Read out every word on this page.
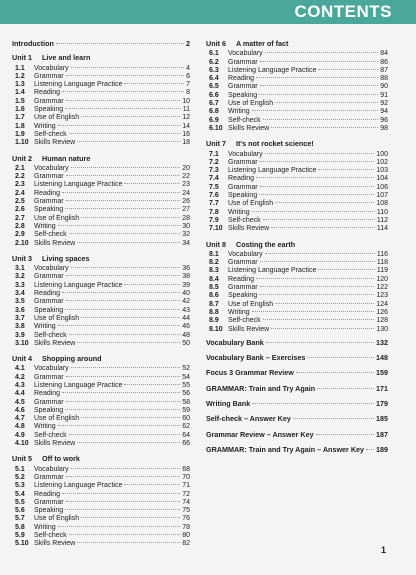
CONTENTS
Introduction	2
Unit 1	Live and learn
1.1	Vocabulary	4
1.2	Grammar	6
1.3	Listening Language Practice	7
1.4	Reading	8
1.5	Grammar	10
1.6	Speaking	11
1.7	Use of English	12
1.8	Writing	14
1.9	Self-check	16
1.10 Skills Review	18
Unit 2	Human nature
2.1	Vocabulary	20
2.2	Grammar	22
2.3	Listening Language Practice	23
2.4	Reading	24
2.5	Grammar	26
2.6	Speaking	27
2.7	Use of English	28
2.8	Writing	30
2.9	Self-check	32
2.10 Skills Review	34
Unit 3	Living spaces
3.1	Vocabulary	36
3.2	Grammar	38
3.3	Listening Language Practice	39
3.4	Reading	40
3.5	Grammar	42
3.6	Speaking	43
3.7	Use of English	44
3.8	Writing	46
3.9	Self-check	48
3.10 Skills Review	50
Unit 4	Shopping around
4.1	Vocabulary	52
4.2	Grammar	54
4.3	Listening Language Practice	55
4.4	Reading	56
4.5	Grammar	58
4.6	Speaking	59
4.7	Use of English	60
4.8	Writing	62
4.9	Self-check	64
4.10 Skills Review	66
Unit 5	Off to work
5.1	Vocabulary	68
5.2	Grammar	70
5.3	Listening Language Practice	71
5.4	Reading	72
5.5	Grammar	74
5.6	Speaking	75
5.7	Use of English	76
5.8	Writing	78
5.9	Self-check	80
5.10 Skills Review	82
Unit 6	A matter of fact
6.1	Vocabulary	84
6.2	Grammar	86
6.3	Listening Language Practice	87
6.4	Reading	88
6.5	Grammar	90
6.6	Speaking	91
6.7	Use of English	92
6.8	Writing	94
6.9	Self-check	96
6.10 Skills Review	98
Unit 7	It's not rocket science!
7.1	Vocabulary	100
7.2	Grammar	102
7.3	Listening Language Practice	103
7.4	Reading	104
7.5	Grammar	106
7.6	Speaking	107
7.7	Use of English	108
7.8	Writing	110
7.9	Self-check	112
7.10 Skills Review	114
Unit 8	Costing the earth
8.1	Vocabulary	116
8.2	Grammar	118
8.3	Listening Language Practice	119
8.4	Reading	120
8.5	Grammar	122
8.6	Speaking	123
8.7	Use of English	124
8.8	Writing	126
8.9	Self-check	128
8.10 Skills Review	130
Vocabulary Bank	132
Vocabulary Bank – Exercises	148
Focus 3 Grammar Review	159
GRAMMAR: Train and Try Again	171
Writing Bank	179
Self-check – Answer Key	185
Grammar Review – Answer Key	187
GRAMMAR: Train and Try Again – Answer Key 189
1
